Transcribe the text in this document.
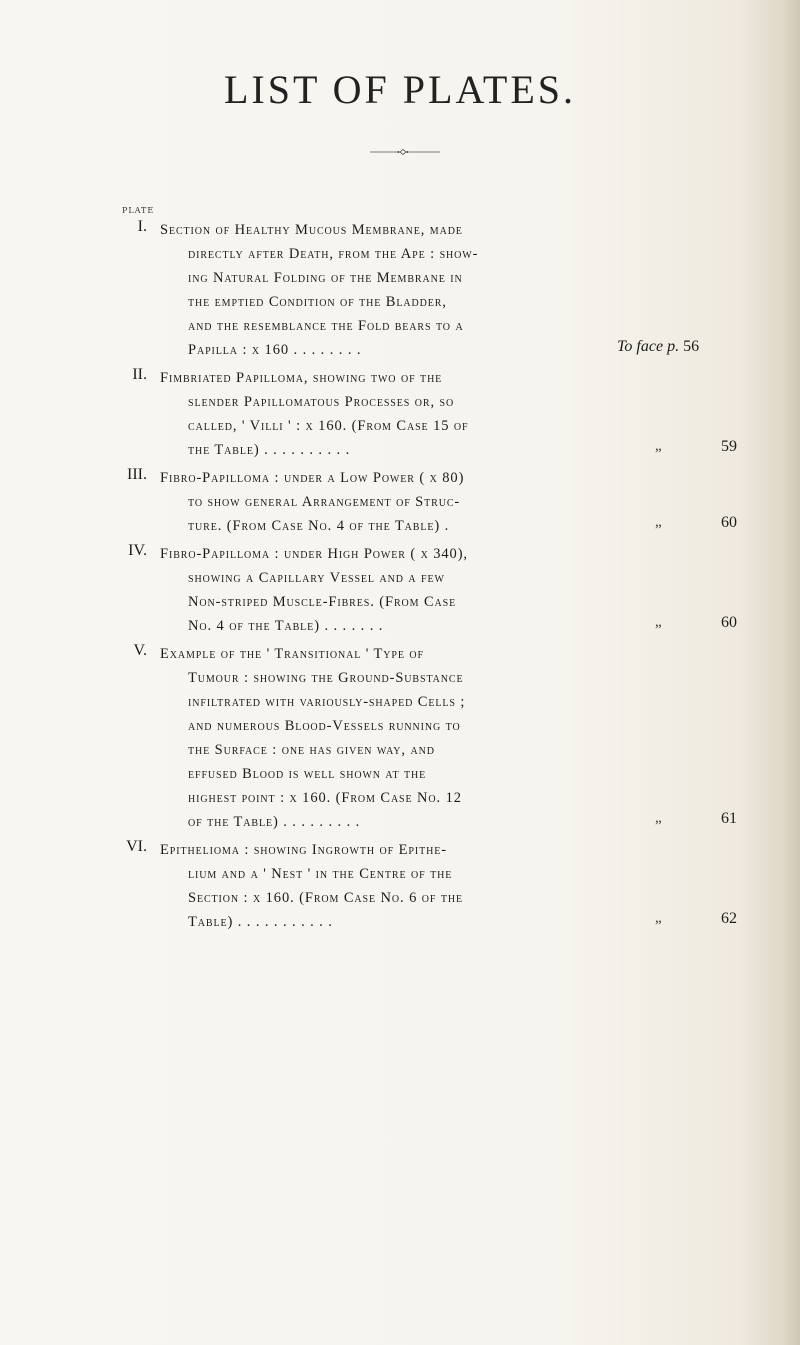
LIST OF PLATES.
PLATE
I. Section of Healthy Mucous Membrane, made
directly after Death, from the Ape : show-
ing Natural Folding of the Membrane in
the emptied Condition of the Bladder,
and the resemblance the Fold bears to a
Papilla : x 160 . . . . . . . .	To face p. 56
II. Fimbriated Papilloma, showing two of the
slender Papillomatous Processes or, so
called, ' Villi ' : x 160. (From Case 15 of
the Table) . . . . . . . . . .	„	59
III. Fibro-Papilloma : under a Low Power ( x 80)
to show general Arrangement of Struc-
ture. (From Case No. 4 of the Table) .	„	60
IV. Fibro-Papilloma : under High Power ( x 340),
showing a Capillary Vessel and a few
Non-striped Muscle-Fibres. (From Case
No. 4 of the Table) . . . . . . .	„	60
V. Example of the ' Transitional ' Type of
Tumour : showing the Ground-Substance
infiltrated with variously-shaped Cells ;
and numerous Blood-Vessels running to
the Surface : one has given way, and
effused Blood is well shown at the
highest point : x 160. (From Case No. 12
of the Table) . . . . . . . . .	„	61
VI. Epithelioma : showing Ingrowth of Epithe-
lium and a ' Nest ' in the Centre of the
Section : x 160. (From Case No. 6 of the
Table) . . . . . . . . . . .	„	62
